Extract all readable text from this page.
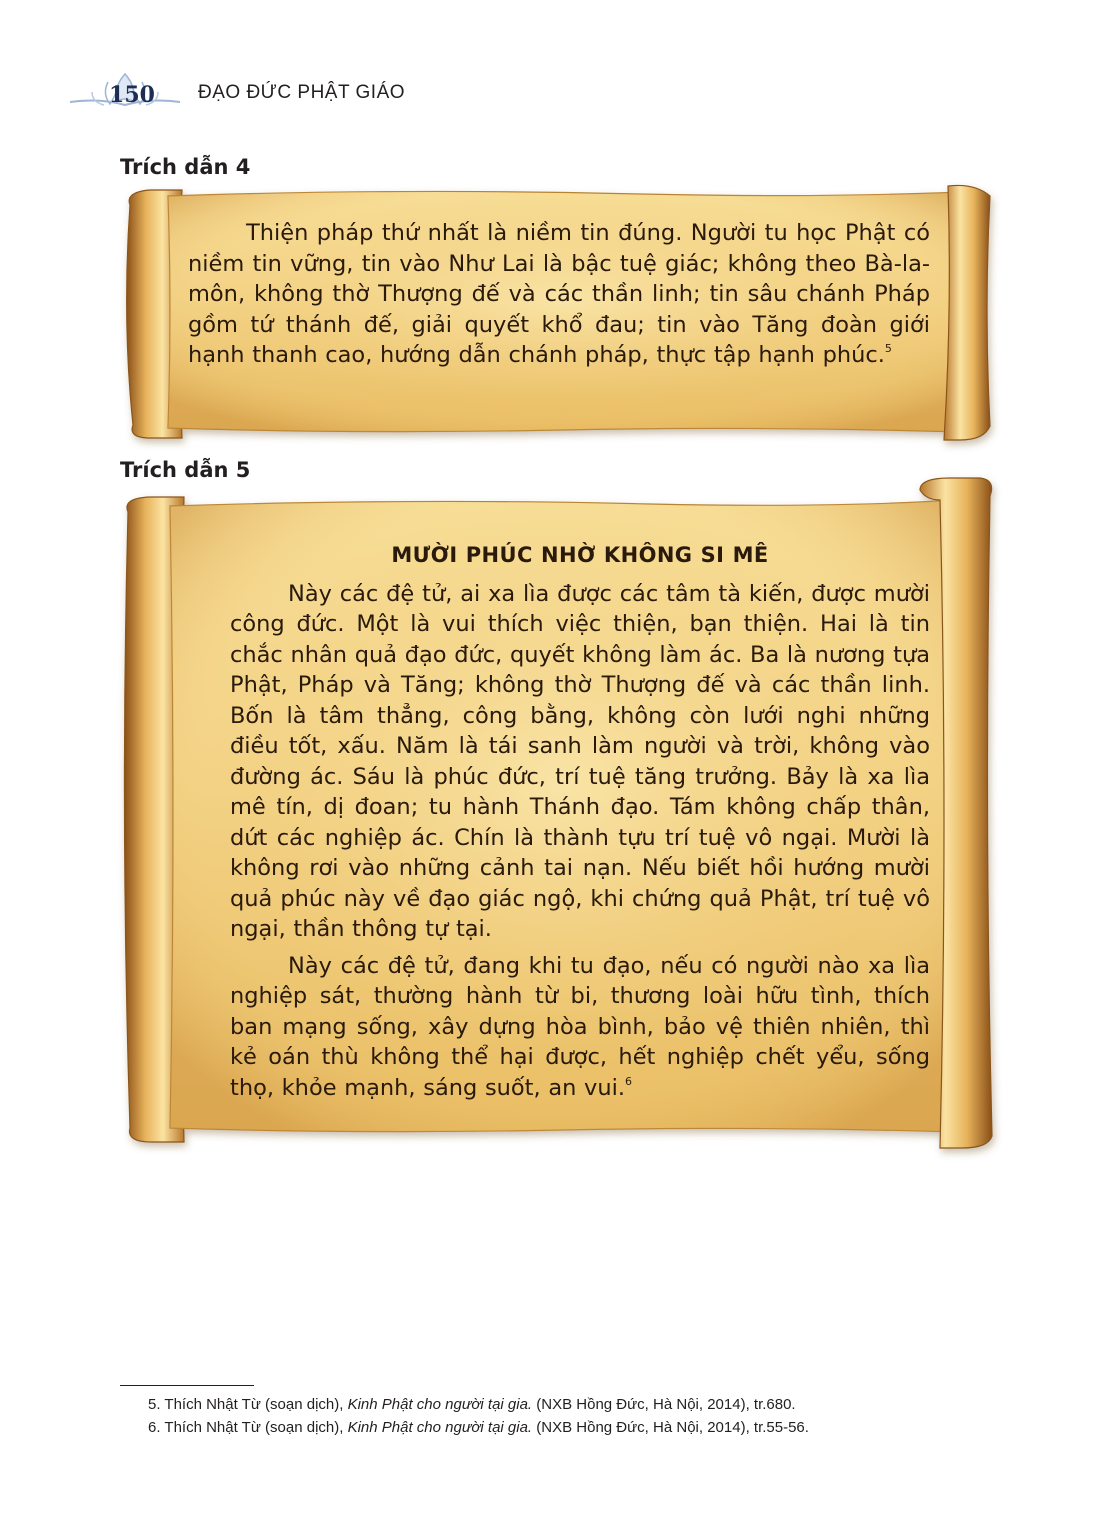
150	ĐẠO ĐỨC PHẬT GIÁO
Trích dẫn 4
Trích dẫn 5

Thiện pháp thứ nhất là niềm tin đúng. Người tu học Phật có niềm tin vững, tin vào Như Lai là bậc tuệ giác; không theo Bà-la-môn, không thờ Thượng đế và các thần linh; tin sâu chánh Pháp gồm tứ thánh đế, giải quyết khổ đau; tin vào Tăng đoàn giới hạnh thanh cao, hướng dẫn chánh pháp, thực tập hạnh phúc.$^5$

MƯỜI PHÚC NHỜ KHÔNG SI MÊ

Này các đệ tử, ai xa lìa được các tâm tà kiến, được mười công đức. Một là vui thích việc thiện, bạn thiện. Hai là tin chắc nhân quả đạo đức, quyết không làm ác. Ba là nương tựa Phật, Pháp và Tăng; không thờ Thượng đế và các thần linh. Bốn là tâm thẳng, công bằng, không còn lưới nghi những điều tốt, xấu. Năm là tái sanh làm người và trời, không vào đường ác. Sáu là phúc đức, trí tuệ tăng trưởng. Bảy là xa lìa mê tín, dị đoan; tu hành Thánh đạo. Tám không chấp thân, dứt các nghiệp ác. Chín là thành tựu trí tuệ vô ngại. Mười là không rơi vào những cảnh tai nạn. Nếu biết hồi hướng mười quả phúc này về đạo giác ngộ, khi chứng quả Phật, trí tuệ vô ngại, thần thông tự tại.

Này các đệ tử, đang khi tu đạo, nếu có người nào xa lìa nghiệp sát, thường hành từ bi, thương loài hữu tình, thích ban mạng sống, xây dựng hòa bình, bảo vệ thiên nhiên, thì kẻ oán thù không thể hại được, hết nghiệp chết yểu, sống thọ, khỏe mạnh, sáng suốt, an vui.$^6$

5. Thích Nhật Từ (soạn dịch), Kinh Phật cho người tại gia. (NXB Hồng Đức, Hà Nội, 2014), tr.680.
6. Thích Nhật Từ (soạn dịch), Kinh Phật cho người tại gia. (NXB Hồng Đức, Hà Nội, 2014), tr.55-56.
